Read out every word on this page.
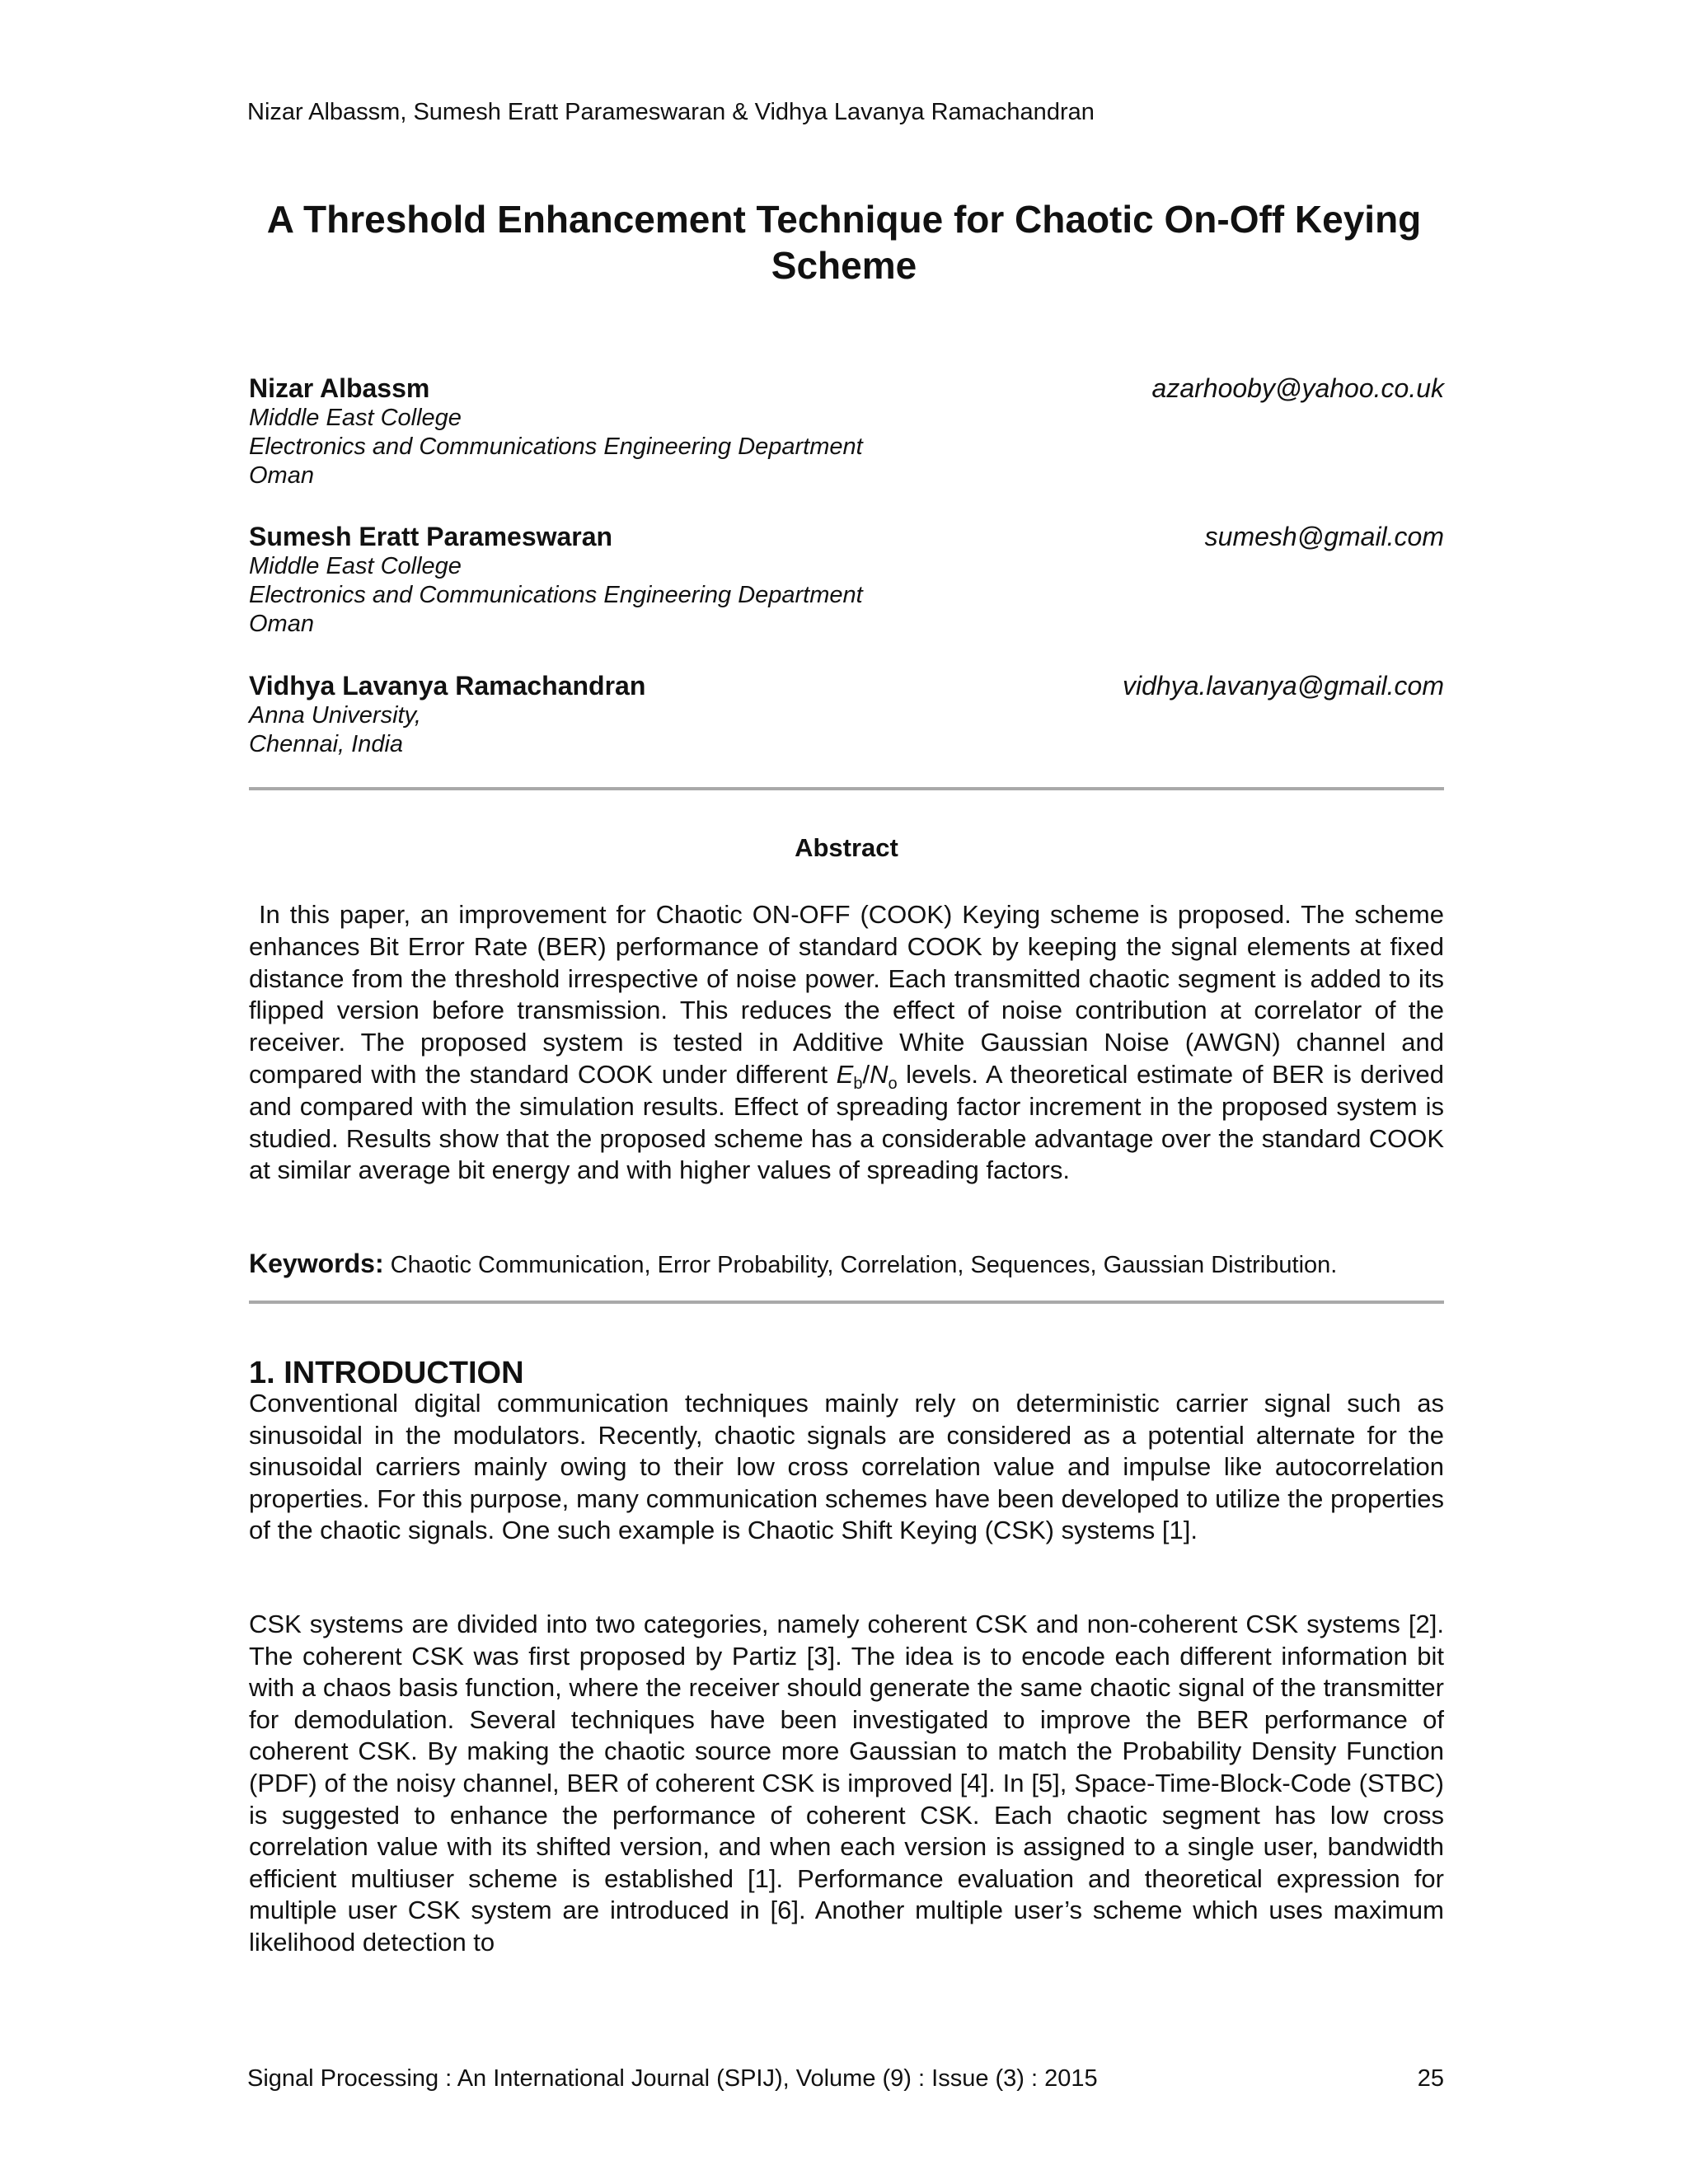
Nizar Albassm, Sumesh Eratt Parameswaran & Vidhya Lavanya Ramachandran
A Threshold Enhancement Technique for Chaotic On-Off Keying Scheme
Nizar Albassm	azarhooby@yahoo.co.uk
Middle East College
Electronics and Communications Engineering Department
Oman
Sumesh Eratt Parameswaran	sumesh@gmail.com
Middle East College
Electronics and Communications Engineering Department
Oman
Vidhya Lavanya Ramachandran	vidhya.lavanya@gmail.com
Anna University,
Chennai, India
Abstract

In this paper, an improvement for Chaotic ON-OFF (COOK) Keying scheme is proposed. The scheme enhances Bit Error Rate (BER) performance of standard COOK by keeping the signal elements at fixed distance from the threshold irrespective of noise power. Each transmitted chaotic segment is added to its flipped version before transmission. This reduces the effect of noise contribution at correlator of the receiver. The proposed system is tested in Additive White Gaussian Noise (AWGN) channel and compared with the standard COOK under different $E_b/N_o$ levels. A theoretical estimate of BER is derived and compared with the simulation results. Effect of spreading factor increment in the proposed system is studied. Results show that the proposed scheme has a considerable advantage over the standard COOK at similar average bit energy and with higher values of spreading factors.

Keywords: Chaotic Communication, Error Probability, Correlation, Sequences, Gaussian Distribution.

1. INTRODUCTION

Conventional digital communication techniques mainly rely on deterministic carrier signal such as sinusoidal in the modulators. Recently, chaotic signals are considered as a potential alternate for the sinusoidal carriers mainly owing to their low cross correlation value and impulse like autocorrelation properties. For this purpose, many communication schemes have been developed to utilize the properties of the chaotic signals. One such example is Chaotic Shift Keying (CSK) systems [1].

CSK systems are divided into two categories, namely coherent CSK and non-coherent CSK systems [2]. The coherent CSK was first proposed by Partiz [3]. The idea is to encode each different information bit with a chaos basis function, where the receiver should generate the same chaotic signal of the transmitter for demodulation. Several techniques have been investigated to improve the BER performance of coherent CSK. By making the chaotic source more Gaussian to match the Probability Density Function (PDF) of the noisy channel, BER of coherent CSK is improved [4]. In [5], Space-Time-Block-Code (STBC) is suggested to enhance the performance of coherent CSK. Each chaotic segment has low cross correlation value with its shifted version, and when each version is assigned to a single user, bandwidth efficient multiuser scheme is established [1]. Performance evaluation and theoretical expression for multiple user CSK system are introduced in [6]. Another multiple user’s scheme which uses maximum likelihood detection to

Signal Processing : An International Journal (SPIJ), Volume (9) : Issue (3) : 2015	25
